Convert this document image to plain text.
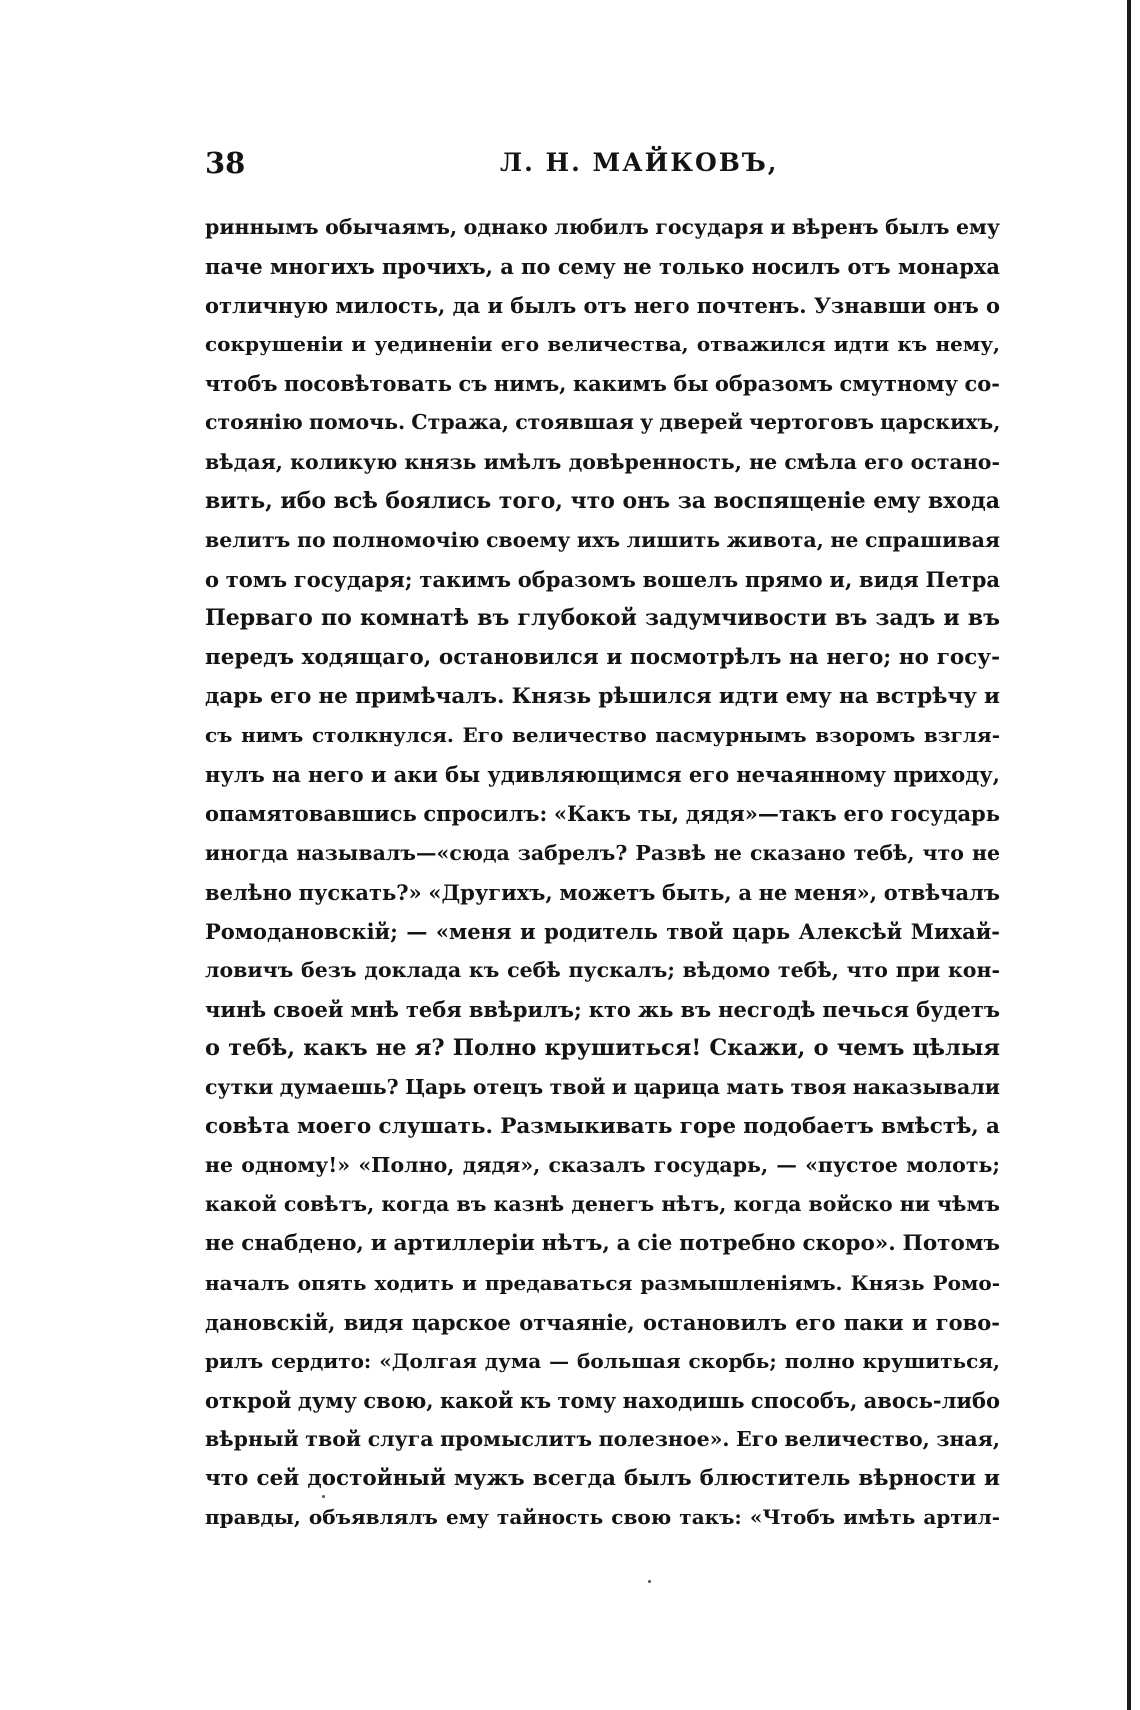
38	Л. Н. МАЙКОВЪ,
риннымъ обычаямъ, однако любилъ государя и вѣренъ былъ ему
паче многихъ прочихъ, а по сему не только носилъ отъ монарха
отличную милость, да и былъ отъ него почтенъ. Узнавши онъ о
сокрушеніи и уединеніи его величества, отважился идти къ нему,
чтобъ посовѣтовать съ нимъ, какимъ бы образомъ смутному со-
стоянію помочь. Стража, стоявшая у дверей чертоговъ царскихъ,
вѣдая, коликую князь имѣлъ довѣренность, не смѣла его останo-
вить, ибо всѣ боялись того, что онъ за воспященіе ему входа
велитъ по полномочію своему ихъ лишить живота, не спрашивая
о томъ государя; такимъ образомъ вошелъ прямо и, видя Петра
Перваго по комнатѣ въ глубокой задумчивости въ задъ и въ
передъ ходящаго, остановился и посмотрѣлъ на него; но госу-
дарь его не примѣчалъ. Князь рѣшился идти ему на встрѣчу и
съ нимъ столкнулся. Его величество пасмурнымъ взоромъ взгля-
нулъ на него и аки бы удивляющимся его нечаянному приходу,
опамятовавшись спросилъ: «Какъ ты, дядя»—такъ его государь
иногда называлъ—«сюда забрелъ? Развѣ не сказано тебѣ, что не
велѣно пускать?» «Другихъ, можетъ быть, а не меня», отвѣчалъ
Ромодановскій; — «меня и родитель твой царь Алексѣй Михай-
ловичъ безъ доклада къ себѣ пускалъ; вѣдомо тебѣ, что при кон-
чинѣ своей мнѣ тебя ввѣрилъ; кто жь въ несгодѣ печься будетъ
о тебѣ, какъ не я? Полно крушиться! Скажи, о чемъ цѣлыя
сутки думаешь? Царь отецъ твой и царица мать твоя наказывали
совѣта моего слушать. Размыкивать горе подобаетъ вмѣстѣ, а
не одному!» «Полно, дядя», сказалъ государь, — «пустое молоть;
какой совѣтъ, когда въ казнѣ денегъ нѣтъ, когда войско ни чѣмъ
не снабдено, и артиллеріи нѣтъ, а сіе потребно скоро». Потомъ
началъ опять ходить и предаваться размышленіямъ. Князь Ромо-
дановскій, видя царское отчаяніе, остановилъ его паки и гово-
рилъ сердито: «Долгая дума — большая скорбь; полно крушиться,
открой думу свою, какой къ тому находишь способъ, авось-либо
вѣрный твой слуга промыслитъ полезное». Его величество, зная,
что сей достойный мужъ всегда былъ блюститель вѣрности и
правды, объявлялъ ему тайность свою такъ: «Чтобъ имѣть артил-
